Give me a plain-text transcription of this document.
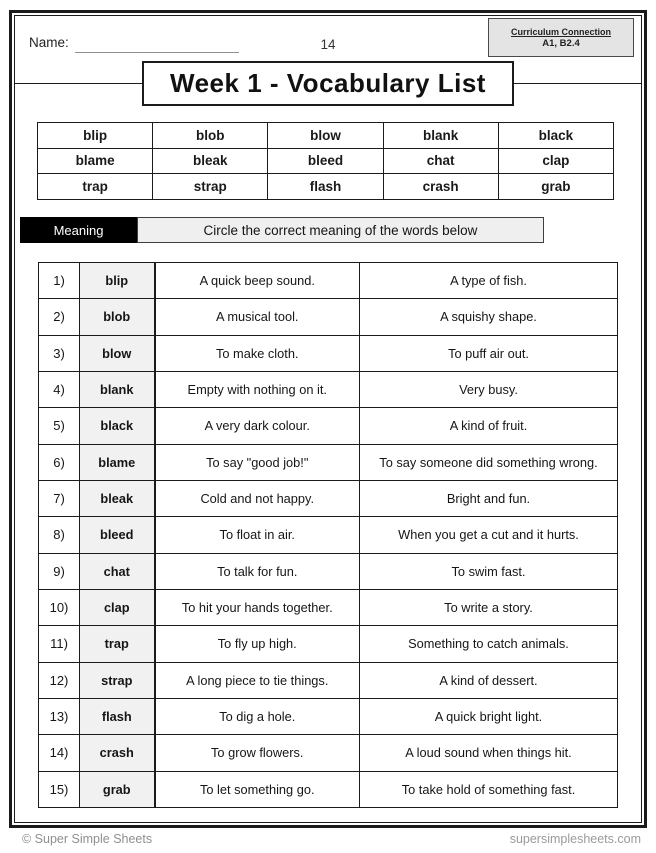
Name:	14
Curriculum Connection
A1, B2.4
Week 1 - Vocabulary List
blip	blob	blow	blank	black
blame	bleak	bleed	chat	clap
trap	strap	flash	crash	grab
Meaning	Circle the correct meaning of the words below
1)	blip	A quick beep sound.	A type of fish.
2)	blob	A musical tool.	A squishy shape.
3)	blow	To make cloth.	To puff air out.
4)	blank	Empty with nothing on it.	Very busy.
5)	black	A very dark colour.	A kind of fruit.
6)	blame	To say "good job!"	To say someone did something wrong.
7)	bleak	Cold and not happy.	Bright and fun.
8)	bleed	To float in air.	When you get a cut and it hurts.
9)	chat	To talk for fun.	To swim fast.
10)	clap	To hit your hands together.	To write a story.
11)	trap	To fly up high.	Something to catch animals.
12)	strap	A long piece to tie things.	A kind of dessert.
13)	flash	To dig a hole.	A quick bright light.
14)	crash	To grow flowers.	A loud sound when things hit.
15)	grab	To let something go.	To take hold of something fast.
© Super Simple Sheets	supersimplesheets.com
